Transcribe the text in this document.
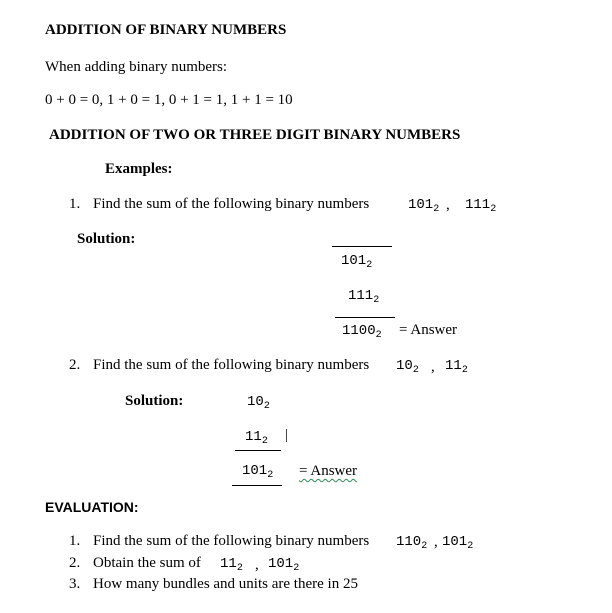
ADDITION OF BINARY NUMBERS
When adding binary numbers:
0 + 0 = 0, 1 + 0 = 1, 0 + 1 = 1, 1 + 1 = 10
ADDITION OF TWO OR THREE DIGIT BINARY NUMBERS
Examples:
1. Find the sum of the following binary numbers	$101_2$ , $111_2$
Solution:
$101_2$
$111_2$
$1100_2$ = Answer
2. Find the sum of the following binary numbers $10_2$ , $11_2$
Solution:	$10_2$
$11_2$ |
$101_2$ = Answer
EVALUATION:
1. Find the sum of the following binary numbers $110_2$ , $101_2$
2. Obtain the sum of $11_2$ , $101_2$
3. How many bundles and units are there in 25
